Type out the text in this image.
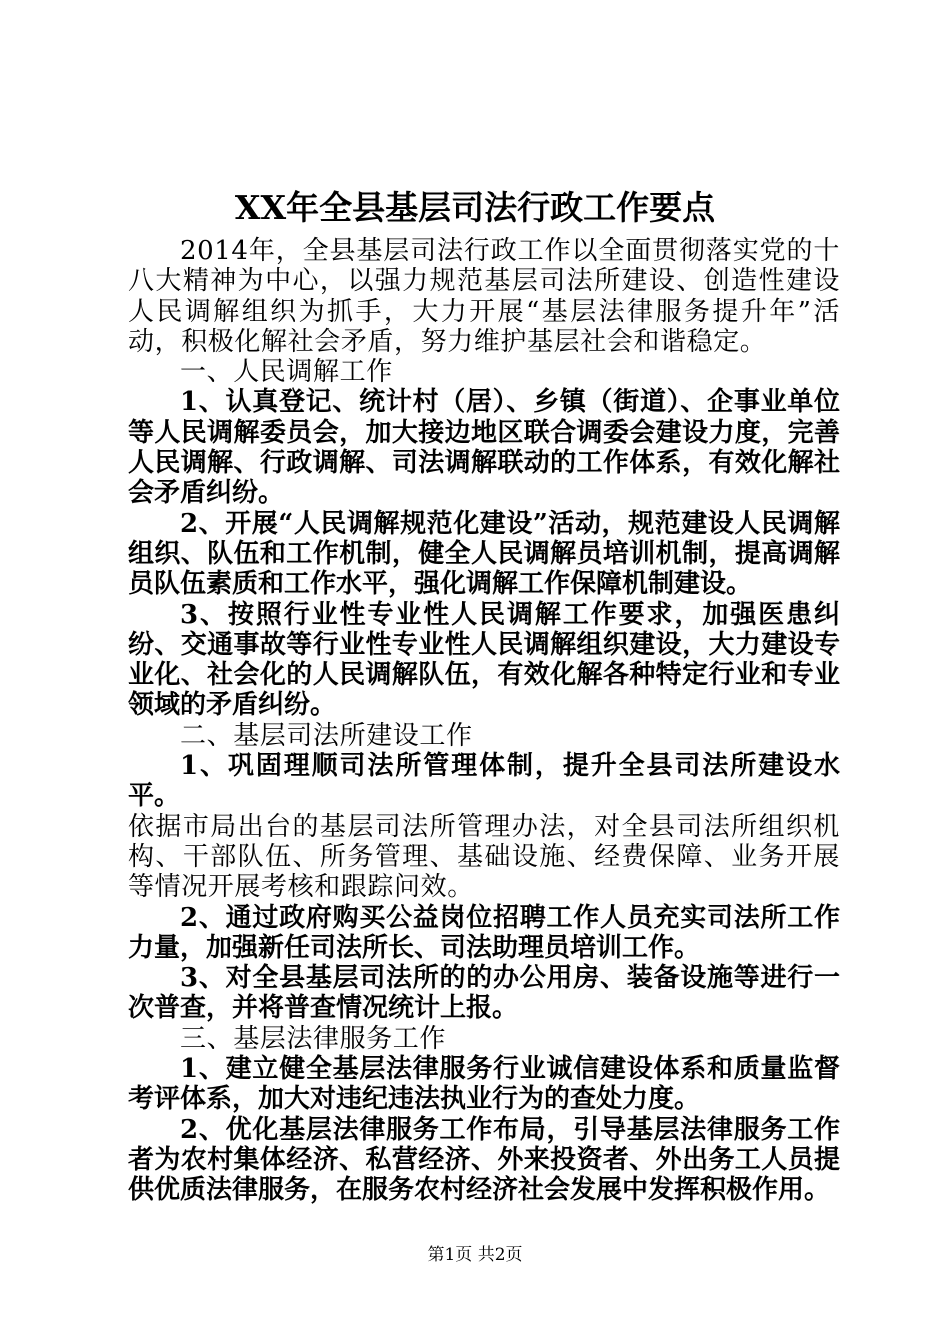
XX年全县基层司法行政工作要点

2014年，全县基层司法行政工作以全面贯彻落实党的十八大精神为中心，以强力规范基层司法所建设、创造性建设人民调解组织为抓手，大力开展“基层法律服务提升年”活动，积极化解社会矛盾，努力维护基层社会和谐稳定。

一、人民调解工作

1、认真登记、统计村（居）、乡镇（街道）、企事业单位等人民调解委员会，加大接边地区联合调委会建设力度，完善人民调解、行政调解、司法调解联动的工作体系，有效化解社会矛盾纠纷。

2、开展“人民调解规范化建设”活动，规范建设人民调解组织、队伍和工作机制，健全人民调解员培训机制，提高调解员队伍素质和工作水平，强化调解工作保障机制建设。

3、按照行业性专业性人民调解工作要求，加强医患纠纷、交通事故等行业性专业性人民调解组织建设，大力建设专业化、社会化的人民调解队伍，有效化解各种特定行业和专业领域的矛盾纠纷。

二、基层司法所建设工作

1、巩固理顺司法所管理体制，提升全县司法所建设水平。

依据市局出台的基层司法所管理办法，对全县司法所组织机构、干部队伍、所务管理、基础设施、经费保障、业务开展等情况开展考核和跟踪问效。

2、通过政府购买公益岗位招聘工作人员充实司法所工作力量，加强新任司法所长、司法助理员培训工作。

3、对全县基层司法所的的办公用房、装备设施等进行一次普查，并将普查情况统计上报。

三、基层法律服务工作

1、建立健全基层法律服务行业诚信建设体系和质量监督考评体系，加大对违纪违法执业行为的查处力度。

2、优化基层法律服务工作布局，引导基层法律服务工作者为农村集体经济、私营经济、外来投资者、外出务工人员提供优质法律服务，在服务农村经济社会发展中发挥积极作用。

第1页 共2页
